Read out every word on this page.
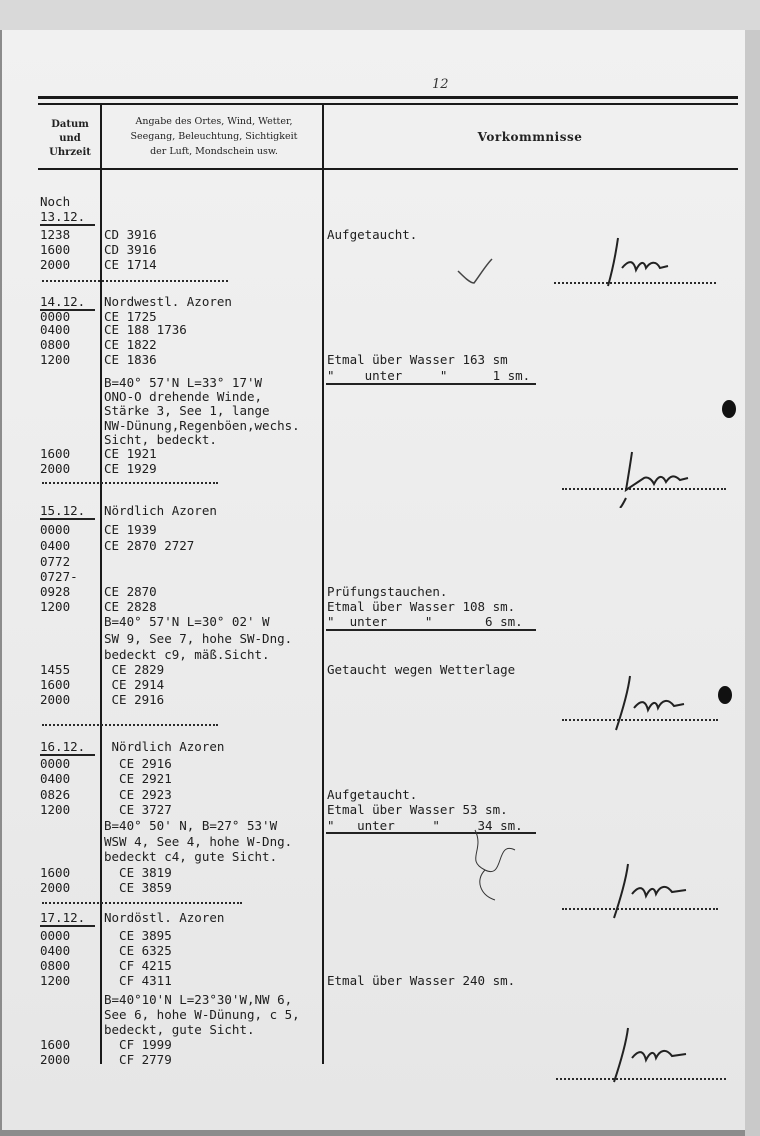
12
Datum
und
Uhrzeit
Angabe des Ortes, Wind, Wetter,
Seegang, Beleuchtung, Sichtigkeit
der Luft, Mondschein usw.
Vorkommnisse
Noch
13.12.
1238	CD 3916	Aufgetaucht.
1600	CD 3916
2000	CE 1714
14.12. Nordwestl. Azoren
0000	CE 1725
0400	CE 188 1736
0800	CE 1822
1200	CE 1836	Etmal über Wasser 163 sm
"    unter     "      1 sm.
B=40° 57'N L=33° 17'W
ONO-O drehende Winde,
Stärke 3, See 1, lange
NW-Dünung,Regenböen,wechs.
Sicht, bedeckt.
1600	CE 1921
2000	CE 1929
15.12. Nördlich Azoren
0000	CE 1939
0400	CE 2870 2727
0772
0727-
0928	CE 2870	Prüfungstauchen.
1200	CE 2828	Etmal über Wasser 108 sm.
B=40° 57'N L=30° 02' W	"  unter     "       6 sm.
SW 9, See 7, hohe SW-Dng.
bedeckt c9, mäß.Sicht.
1455	CE 2829	Getaucht wegen Wetterlage
1600	CE 2914
2000	CE 2916
16.12. Nördlich Azoren
0000	CE 2916
0400	CE 2921
0826	CE 2923	Aufgetaucht.
1200	CE 3727	Etmal über Wasser 53 sm.
B=40° 50' N, B=27° 53'W	"   unter     "     34 sm.
WSW 4, See 4, hohe W-Dng.
bedeckt c4, gute Sicht.
1600	CE 3819
2000	CE 3859
17.12. Nordöstl. Azoren
0000	CE 3895
0400	CE 6325
0800	CF 4215
1200	CF 4311	Etmal über Wasser 240 sm.
B=40°10'N L=23°30'W,NW 6,
See 6, hohe W-Dünung, c 5,
bedeckt, gute Sicht.
1600	CF 1999
2000	CF 2779
